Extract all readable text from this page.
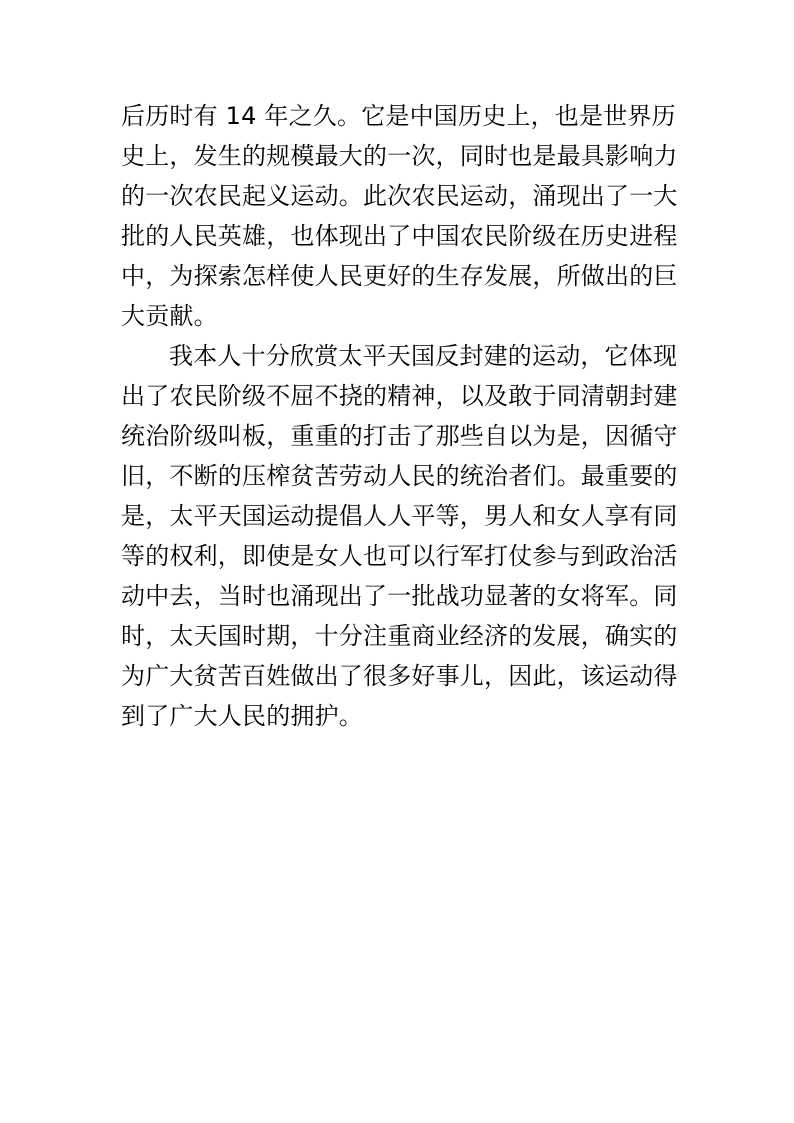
后历时有 14 年之久。它是中国历史上，也是世界历
史上，发生的规模最大的一次，同时也是最具影响力
的一次农民起义运动。此次农民运动，涌现出了一大
批的人民英雄，也体现出了中国农民阶级在历史进程
中，为探索怎样使人民更好的生存发展，所做出的巨
大贡献。
我本人十分欣赏太平天国反封建的运动，它体现
出了农民阶级不屈不挠的精神，以及敢于同清朝封建
统治阶级叫板，重重的打击了那些自以为是，因循守
旧，不断的压榨贫苦劳动人民的统治者们。最重要的
是，太平天国运动提倡人人平等，男人和女人享有同
等的权利，即使是女人也可以行军打仗参与到政治活
动中去，当时也涌现出了一批战功显著的女将军。同
时，太天国时期，十分注重商业经济的发展，确实的
为广大贫苦百姓做出了很多好事儿，因此，该运动得
到了广大人民的拥护。
